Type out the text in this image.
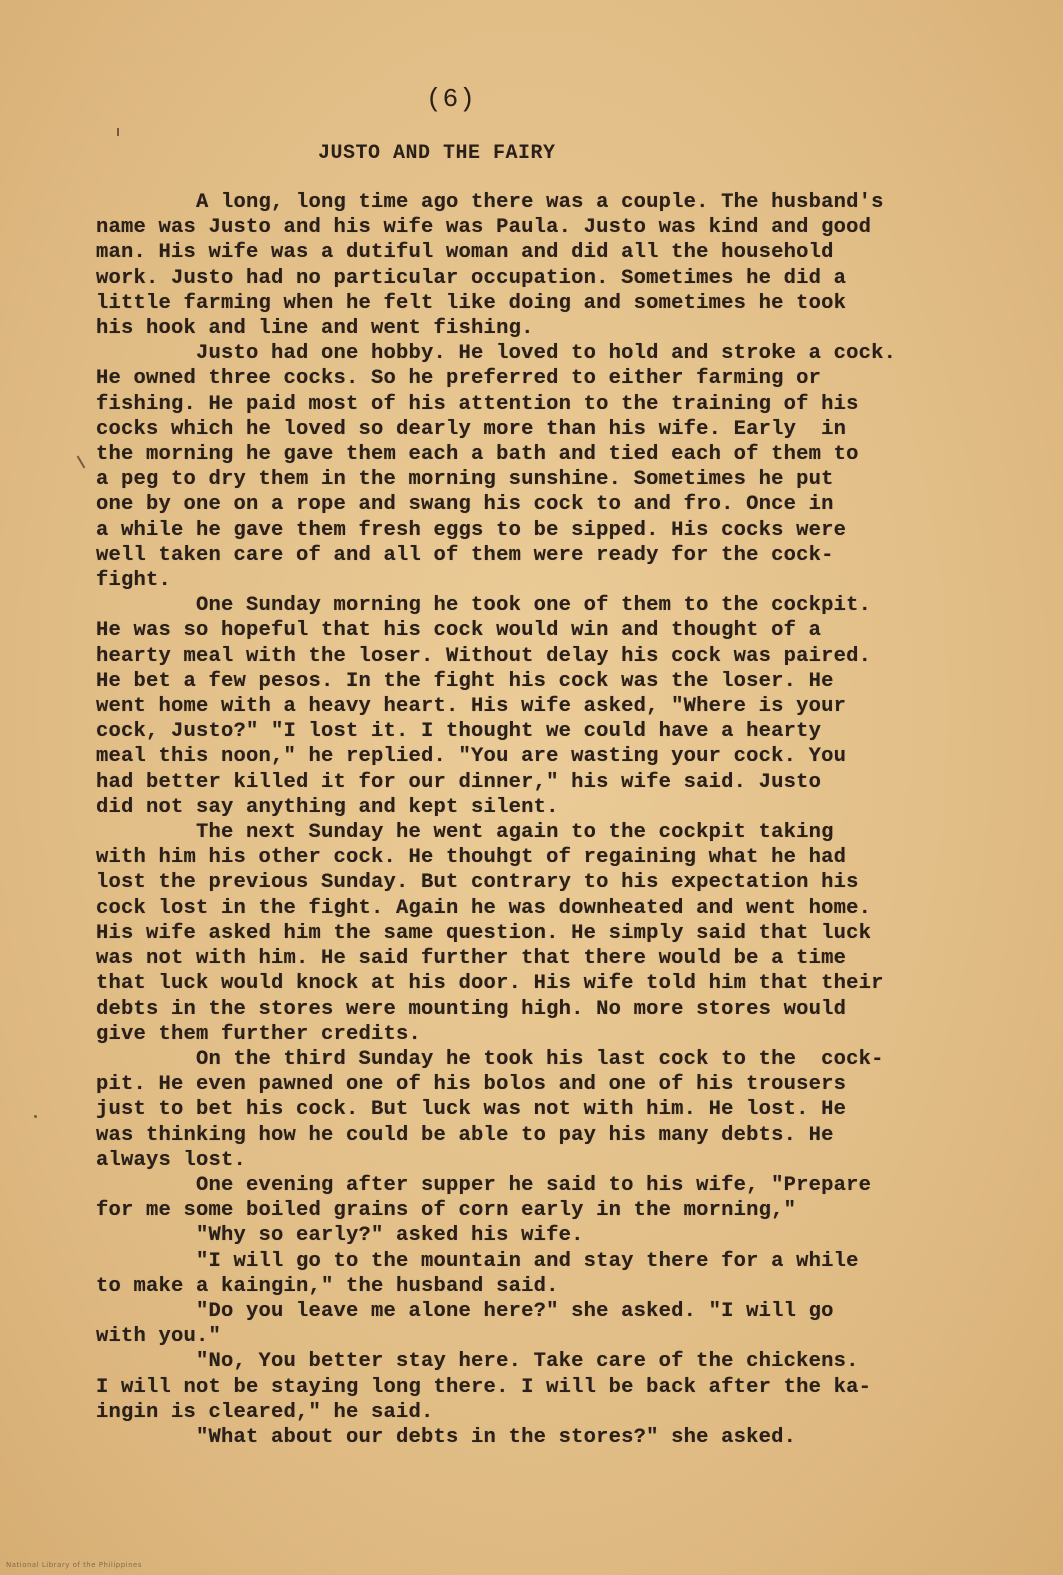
(6)
JUSTO AND THE FAIRY
A long, long time ago there was a couple. The husband's
name was Justo and his wife was Paula. Justo was kind and good
man. His wife was a dutiful woman and did all the household
work. Justo had no particular occupation. Sometimes he did a
little farming when he felt like doing and sometimes he took
his hook and line and went fishing.
Justo had one hobby. He loved to hold and stroke a cock.
He owned three cocks. So he preferred to either farming or
fishing. He paid most of his attention to the training of his
cocks which he loved so dearly more than his wife. Early  in
the morning he gave them each a bath and tied each of them to
a peg to dry them in the morning sunshine. Sometimes he put
one by one on a rope and swang his cock to and fro. Once in
a while he gave them fresh eggs to be sipped. His cocks were
well taken care of and all of them were ready for the cock-
fight.
One Sunday morning he took one of them to the cockpit.
He was so hopeful that his cock would win and thought of a
hearty meal with the loser. Without delay his cock was paired.
He bet a few pesos. In the fight his cock was the loser. He
went home with a heavy heart. His wife asked, "Where is your
cock, Justo?" "I lost it. I thought we could have a hearty
meal this noon," he replied. "You are wasting your cock. You
had better killed it for our dinner," his wife said. Justo
did not say anything and kept silent.
The next Sunday he went again to the cockpit taking
with him his other cock. He thouhgt of regaining what he had
lost the previous Sunday. But contrary to his expectation his
cock lost in the fight. Again he was downheated and went home.
His wife asked him the same question. He simply said that luck
was not with him. He said further that there would be a time
that luck would knock at his door. His wife told him that their
debts in the stores were mounting high. No more stores would
give them further credits.
On the third Sunday he took his last cock to the  cock-
pit. He even pawned one of his bolos and one of his trousers
just to bet his cock. But luck was not with him. He lost. He
was thinking how he could be able to pay his many debts. He
always lost.
One evening after supper he said to his wife, "Prepare
for me some boiled grains of corn early in the morning,"
"Why so early?" asked his wife.
"I will go to the mountain and stay there for a while
to make a kaingin," the husband said.
"Do you leave me alone here?" she asked. "I will go
with you."
"No, You better stay here. Take care of the chickens.
I will not be staying long there. I will be back after the ka-
ingin is cleared," he said.
"What about our debts in the stores?" she asked.
National Library of the Philippines
